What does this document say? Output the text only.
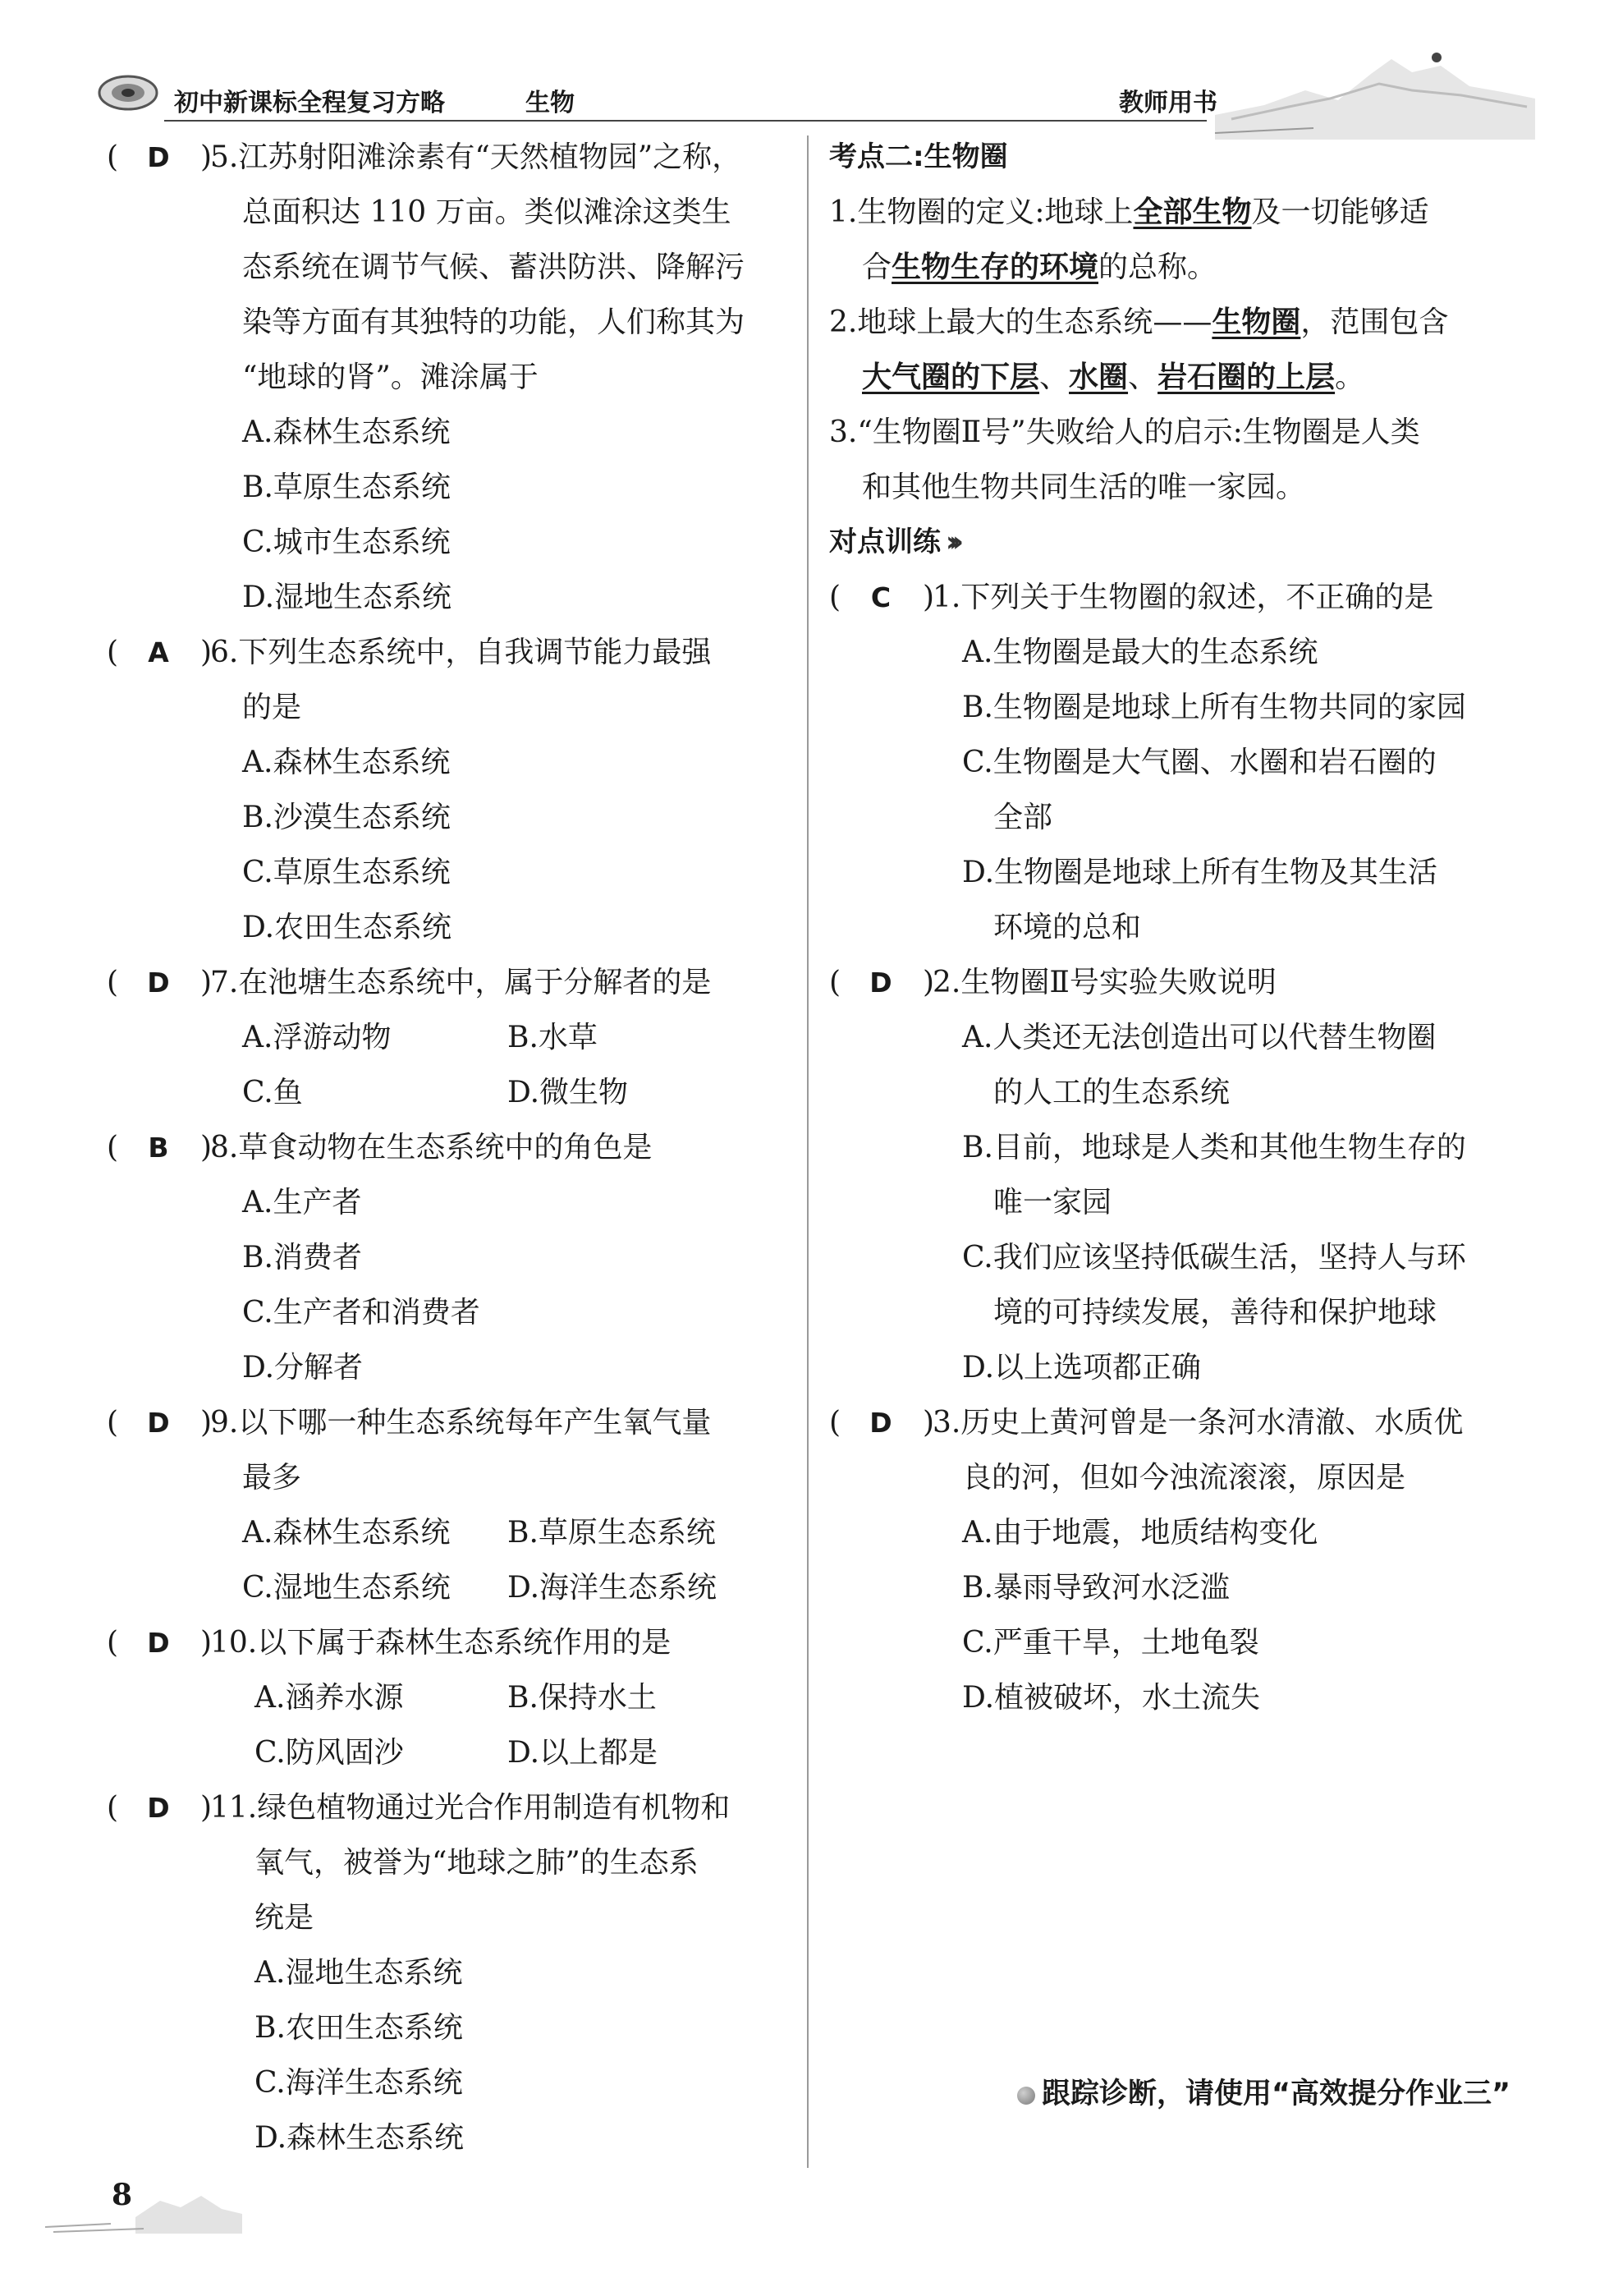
初中新课标全程复习方略	生物	教师用书
( D )
5.江苏射阳滩涂素有“天然植物园”之称，
总面积达 110 万亩。类似滩涂这类生
态系统在调节气候、蓄洪防洪、降解污
染等方面有其独特的功能，人们称其为
“地球的肾”。滩涂属于
A.森林生态系统
B.草原生态系统
C.城市生态系统
D.湿地生态系统
( A )
6.下列生态系统中，自我调节能力最强
的是
A.森林生态系统
B.沙漠生态系统
C.草原生态系统
D.农田生态系统
( D )
7.在池塘生态系统中，属于分解者的是
A.浮游动物	B.水草
C.鱼	D.微生物
( B )
8.草食动物在生态系统中的角色是
A.生产者
B.消费者
C.生产者和消费者
D.分解者
( D )
9.以下哪一种生态系统每年产生氧气量
最多
A.森林生态系统 B.草原生态系统
C.湿地生态系统 D.海洋生态系统
( D )
10.以下属于森林生态系统作用的是
A.涵养水源	B.保持水土
C.防风固沙	D.以上都是
( D )
11.绿色植物通过光合作用制造有机物和
氧气，被誉为“地球之肺”的生态系
统是
A.湿地生态系统
B.农田生态系统
C.海洋生态系统
D.森林生态系统
考点二:生物圈
1.生物圈的定义:地球上全部生物及一切能够适
合生物生存的环境的总称。
2.地球上最大的生态系统——生物圈，范围包含
大气圈的下层、水圈、岩石圈的上层。
3.“生物圈Ⅱ号”失败给人的启示:生物圈是人类
和其他生物共同生活的唯一家园。
对点训练 ›››
( C )
1.下列关于生物圈的叙述，不正确的是
A.生物圈是最大的生态系统
B.生物圈是地球上所有生物共同的家园
C.生物圈是大气圈、水圈和岩石圈的
全部
D.生物圈是地球上所有生物及其生活
环境的总和
( D )
2.生物圈Ⅱ号实验失败说明
A.人类还无法创造出可以代替生物圈
的人工的生态系统
B.目前，地球是人类和其他生物生存的
唯一家园
C.我们应该坚持低碳生活，坚持人与环
境的可持续发展，善待和保护地球
D.以上选项都正确
( D )
3.历史上黄河曾是一条河水清澈、水质优
良的河，但如今浊流滚滚，原因是
A.由于地震，地质结构变化
B.暴雨导致河水泛滥
C.严重干旱，土地龟裂
D.植被破坏，水土流失
跟踪诊断，请使用“高效提分作业三”
8
